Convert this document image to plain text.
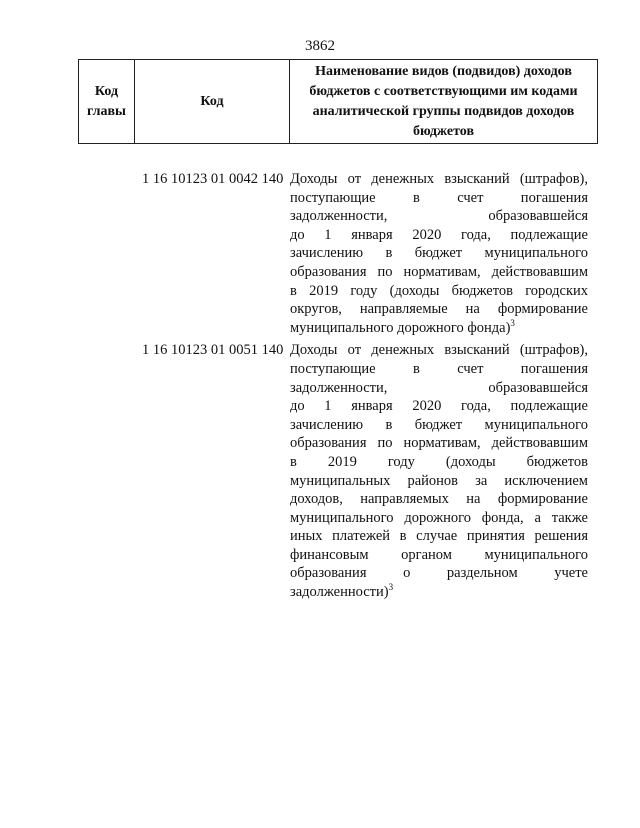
3862
Код
главы
Код
Наименование видов (подвидов) доходов
бюджетов с соответствующими им кодами
аналитической группы подвидов доходов
бюджетов
1 16 10123 01 0042 140 Доходы от денежных взысканий (штрафов),
поступающие в счет погашения
задолженности, образовавшейся
до 1 января 2020 года, подлежащие
зачислению в бюджет муниципального
образования по нормативам, действовавшим
в 2019 году (доходы бюджетов городских
округов, направляемые на формирование
муниципального дорожного фонда)$^3$
1 16 10123 01 0051 140 Доходы от денежных взысканий (штрафов),
поступающие в счет погашения
задолженности, образовавшейся
до 1 января 2020 года, подлежащие
зачислению в бюджет муниципального
образования по нормативам, действовавшим
в 2019 году (доходы бюджетов
муниципальных районов за исключением
доходов, направляемых на формирование
муниципального дорожного фонда, а также
иных платежей в случае принятия решения
финансовым органом муниципального
образования о раздельном учете
задолженности)$^3$
